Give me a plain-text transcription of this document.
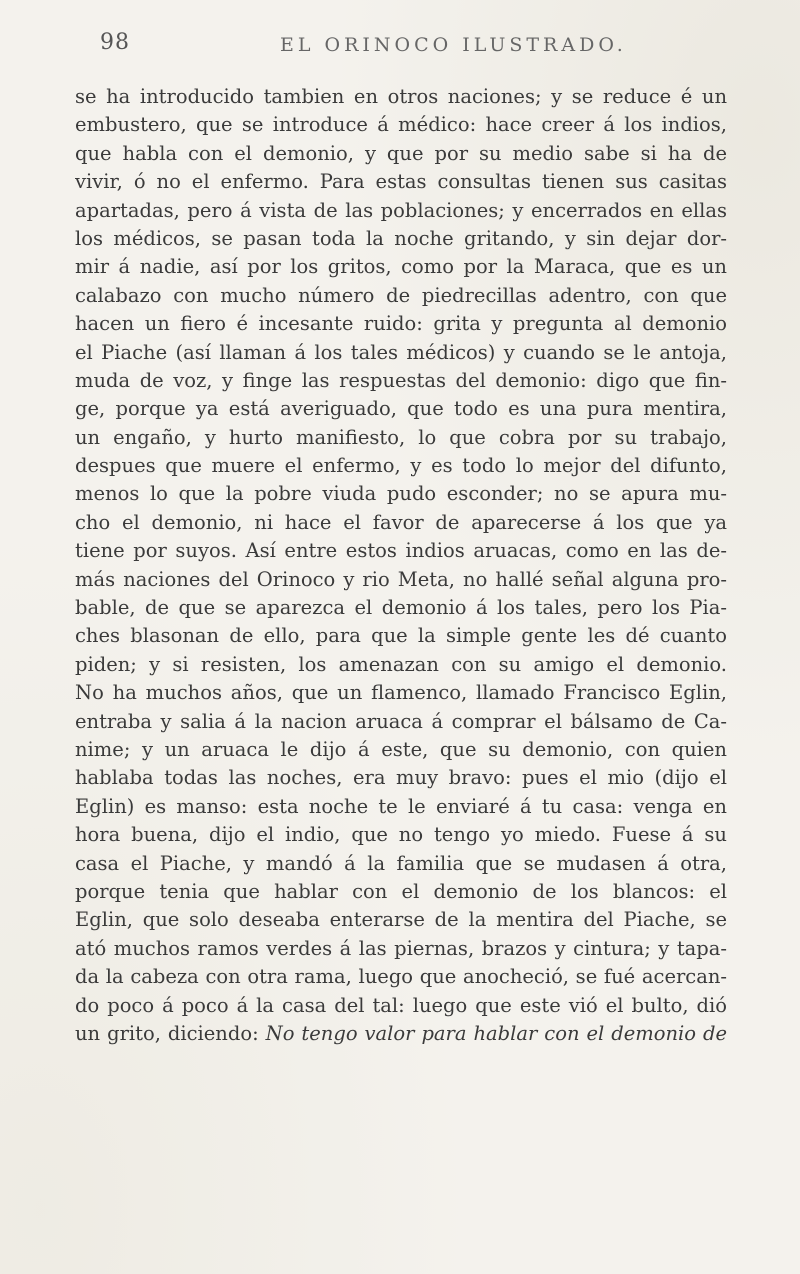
98	EL ORINOCO ILUSTRADO.
se ha introducido tambien en otros naciones; y se reduce é un
embustero, que se introduce á médico: hace creer á los indios,
que habla con el demonio, y que por su medio sabe si ha de
vivir, ó no el enfermo. Para estas consultas tienen sus casitas
apartadas, pero á vista de las poblaciones; y encerrados en ellas
los médicos, se pasan toda la noche gritando, y sin dejar dor-
mir á nadie, así por los gritos, como por la Maraca, que es un
calabazo con mucho número de piedrecillas adentro, con que
hacen un fiero é incesante ruido: grita y pregunta al demonio
el Piache (así llaman á los tales médicos) y cuando se le antoja,
muda de voz, y finge las respuestas del demonio: digo que fin-
ge, porque ya está averiguado, que todo es una pura mentira,
un engaño, y hurto manifiesto, lo que cobra por su trabajo,
despues que muere el enfermo, y es todo lo mejor del difunto,
menos lo que la pobre viuda pudo esconder; no se apura mu-
cho el demonio, ni hace el favor de aparecerse á los que ya
tiene por suyos. Así entre estos indios aruacas, como en las de-
más naciones del Orinoco y rio Meta, no hallé señal alguna pro-
bable, de que se aparezca el demonio á los tales, pero los Pia-
ches blasonan de ello, para que la simple gente les dé cuanto
piden; y si resisten, los amenazan con su amigo el demonio.
No ha muchos años, que un flamenco, llamado Francisco Eglin,
entraba y salia á la nacion aruaca á comprar el bálsamo de Ca-
nime; y un aruaca le dijo á este, que su demonio, con quien
hablaba todas las noches, era muy bravo: pues el mio (dijo el
Eglin) es manso: esta noche te le enviaré á tu casa: venga en
hora buena, dijo el indio, que no tengo yo miedo. Fuese á su
casa el Piache, y mandó á la familia que se mudasen á otra,
porque tenia que hablar con el demonio de los blancos: el
Eglin, que solo deseaba enterarse de la mentira del Piache, se
ató muchos ramos verdes á las piernas, brazos y cintura; y tapa-
da la cabeza con otra rama, luego que anocheció, se fué acercan-
do poco á poco á la casa del tal: luego que este vió el bulto, dió
un grito, diciendo: No tengo valor para hablar con el demonio de
